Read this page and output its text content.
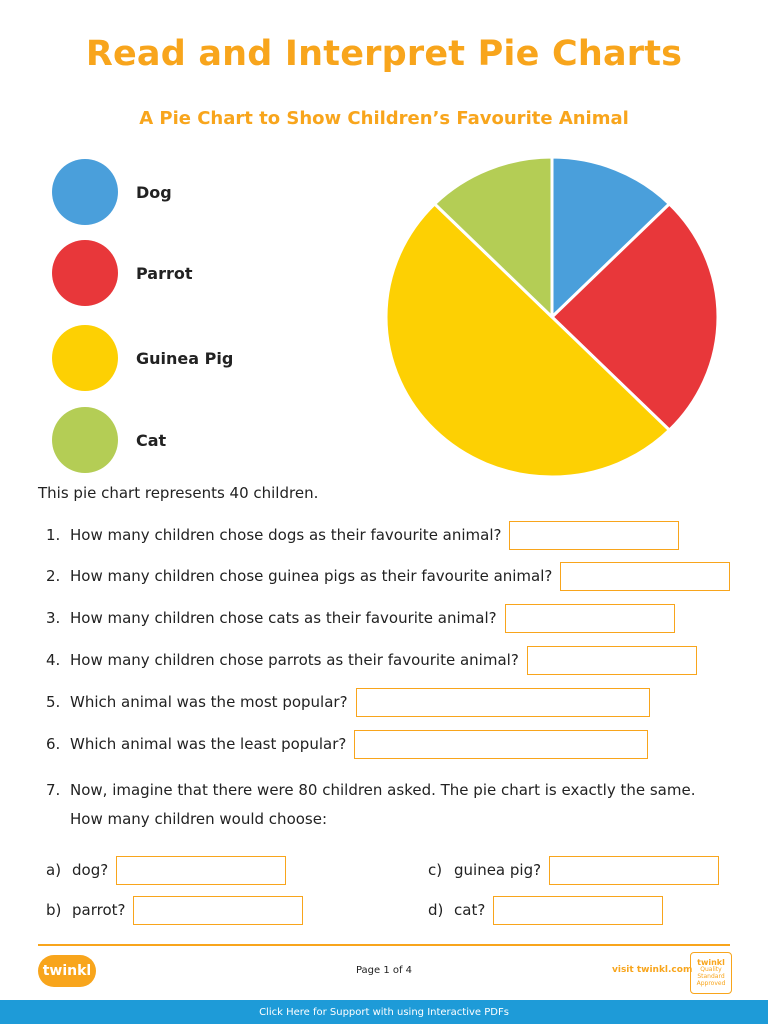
Read and Interpret Pie Charts
A Pie Chart to Show Children’s Favourite Animal
Dog
Parrot
Guinea Pig
Cat
This pie chart represents 40 children.
1. How many children chose dogs as their favourite animal?
2. How many children chose guinea pigs as their favourite animal?
3. How many children chose cats as their favourite animal?
4. How many children chose parrots as their favourite animal?
5. Which animal was the most popular?
6. Which animal was the least popular?
7. Now, imagine that there were 80 children asked. The pie chart is exactly the same. How many children would choose:
a) dog?
b) parrot?
c) guinea pig?
d) cat?
twinkl	Page 1 of 4	visit twinkl.com
twinkl
Quality Standard
Approved
Click Here for Support with using Interactive PDFs
